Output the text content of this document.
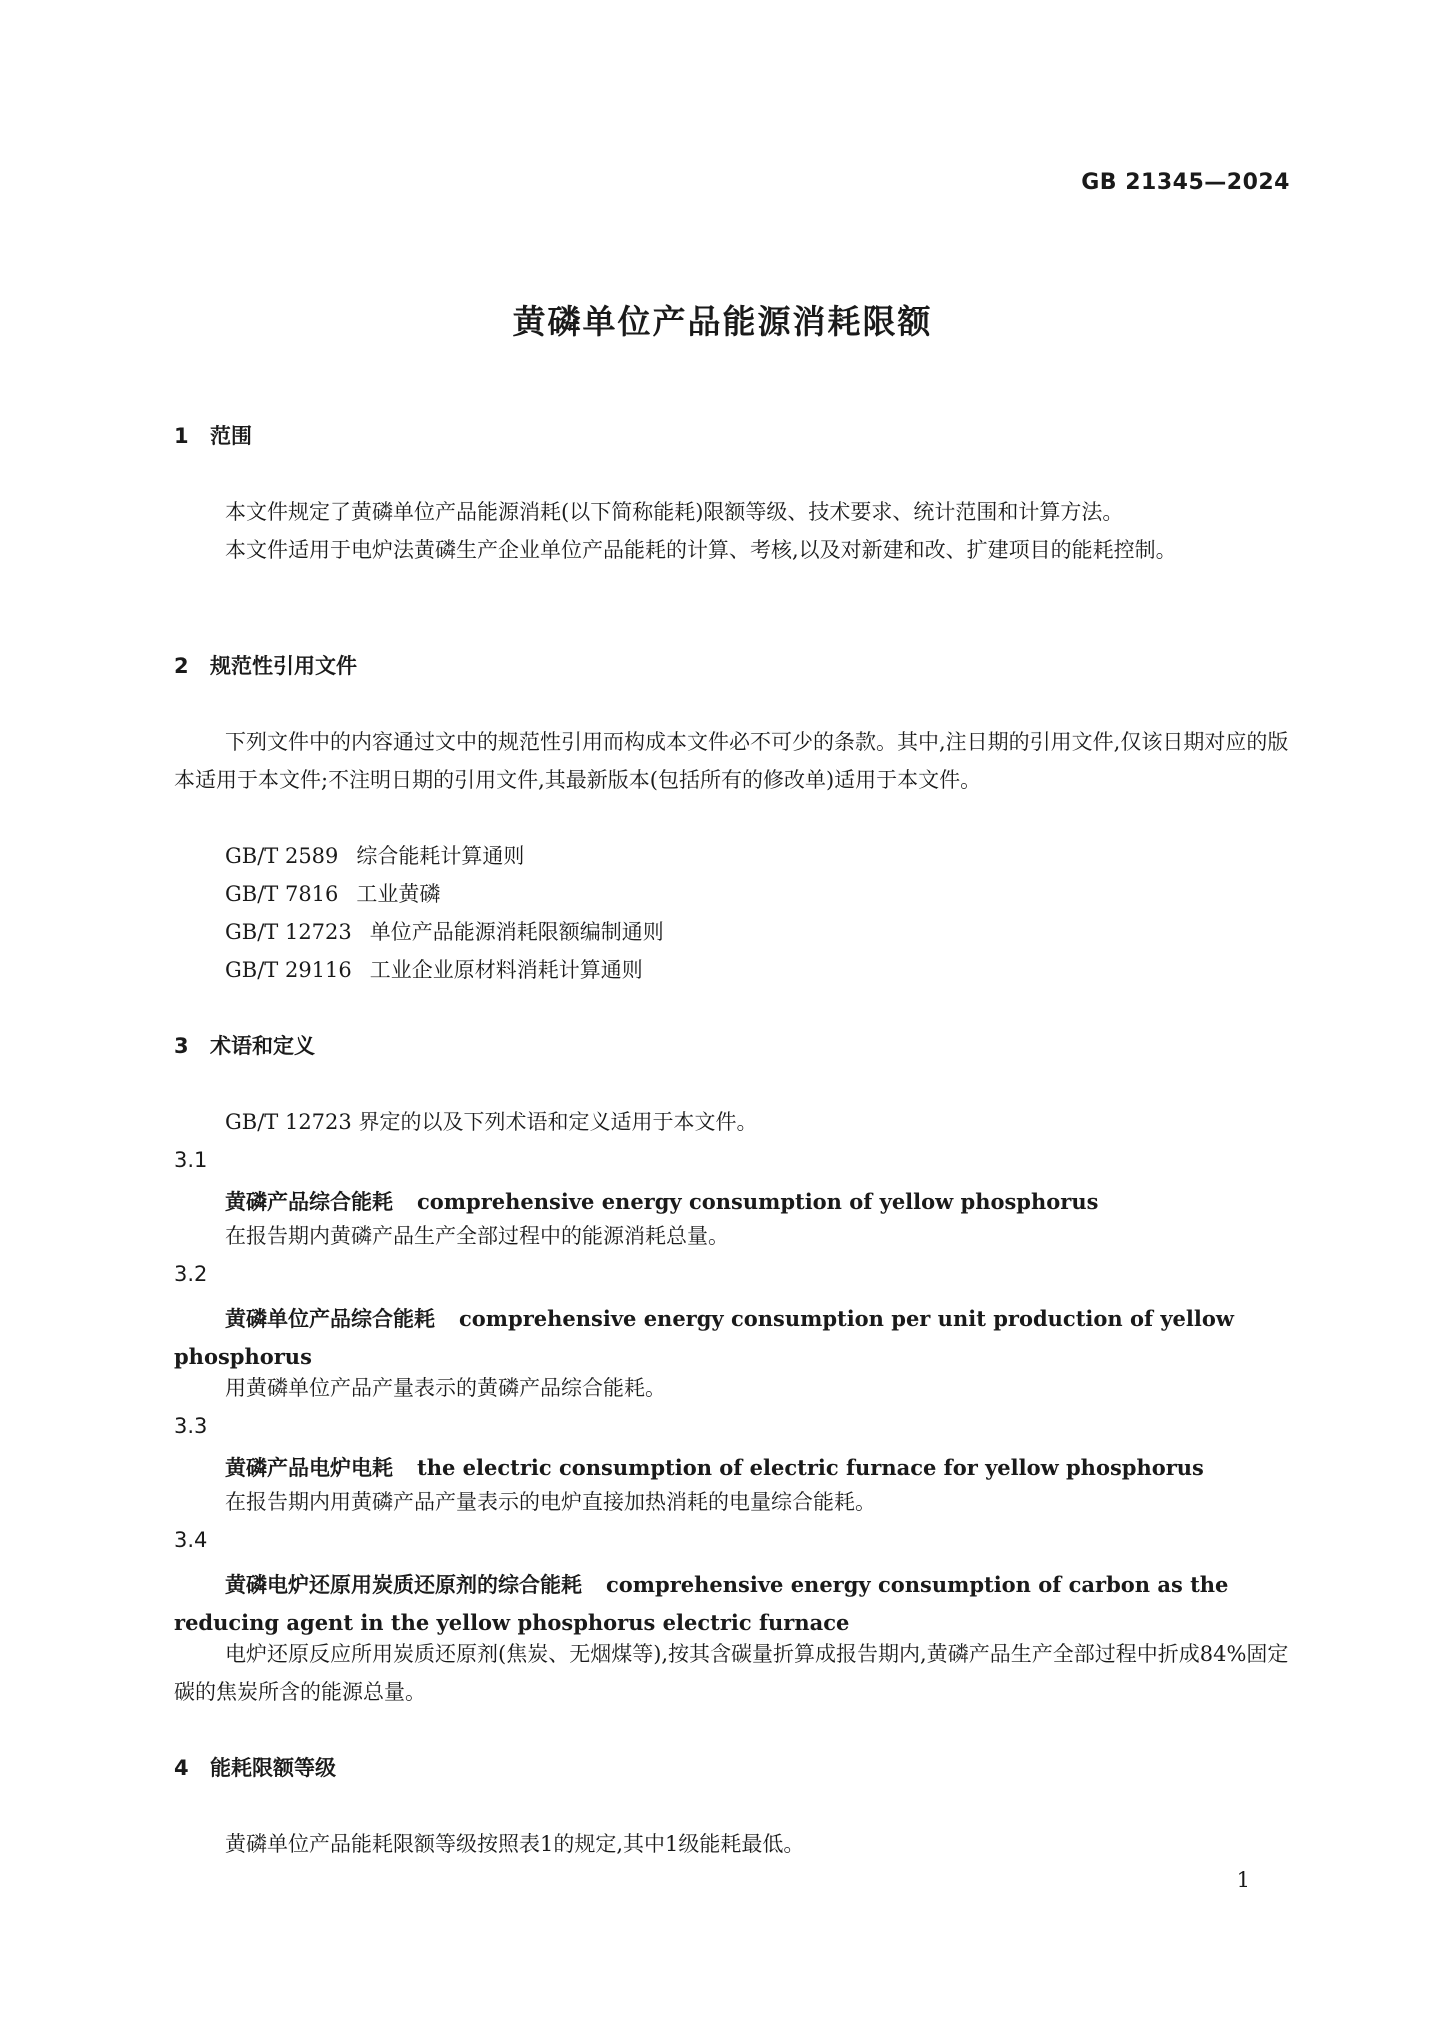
GB 21345—2024
黄磷单位产品能源消耗限额
1 范围
本文件规定了黄磷单位产品能源消耗(以下简称能耗)限额等级、技术要求、统计范围和计算方法。
本文件适用于电炉法黄磷生产企业单位产品能耗的计算、考核,以及对新建和改、扩建项目的能耗控制。
2 规范性引用文件
下列文件中的内容通过文中的规范性引用而构成本文件必不可少的条款。其中,注日期的引用文件,仅该日期对应的版本适用于本文件;不注明日期的引用文件,其最新版本(包括所有的修改单)适用于本文件。
GB/T 2589 综合能耗计算通则
GB/T 7816 工业黄磷
GB/T 12723 单位产品能源消耗限额编制通则
GB/T 29116 工业企业原材料消耗计算通则
3 术语和定义
GB/T 12723 界定的以及下列术语和定义适用于本文件。
3.1
黄磷产品综合能耗 comprehensive energy consumption of yellow phosphorus
在报告期内黄磷产品生产全部过程中的能源消耗总量。
3.2
黄磷单位产品综合能耗 comprehensive energy consumption per unit production of yellow phosphorus
用黄磷单位产品产量表示的黄磷产品综合能耗。
3.3
黄磷产品电炉电耗 the electric consumption of electric furnace for yellow phosphorus
在报告期内用黄磷产品产量表示的电炉直接加热消耗的电量综合能耗。
3.4
黄磷电炉还原用炭质还原剂的综合能耗 comprehensive energy consumption of carbon as the reducing agent in the yellow phosphorus electric furnace
电炉还原反应所用炭质还原剂(焦炭、无烟煤等),按其含碳量折算成报告期内,黄磷产品生产全部过程中折成84%固定碳的焦炭所含的能源总量。
4 能耗限额等级
黄磷单位产品能耗限额等级按照表1的规定,其中1级能耗最低。
1
